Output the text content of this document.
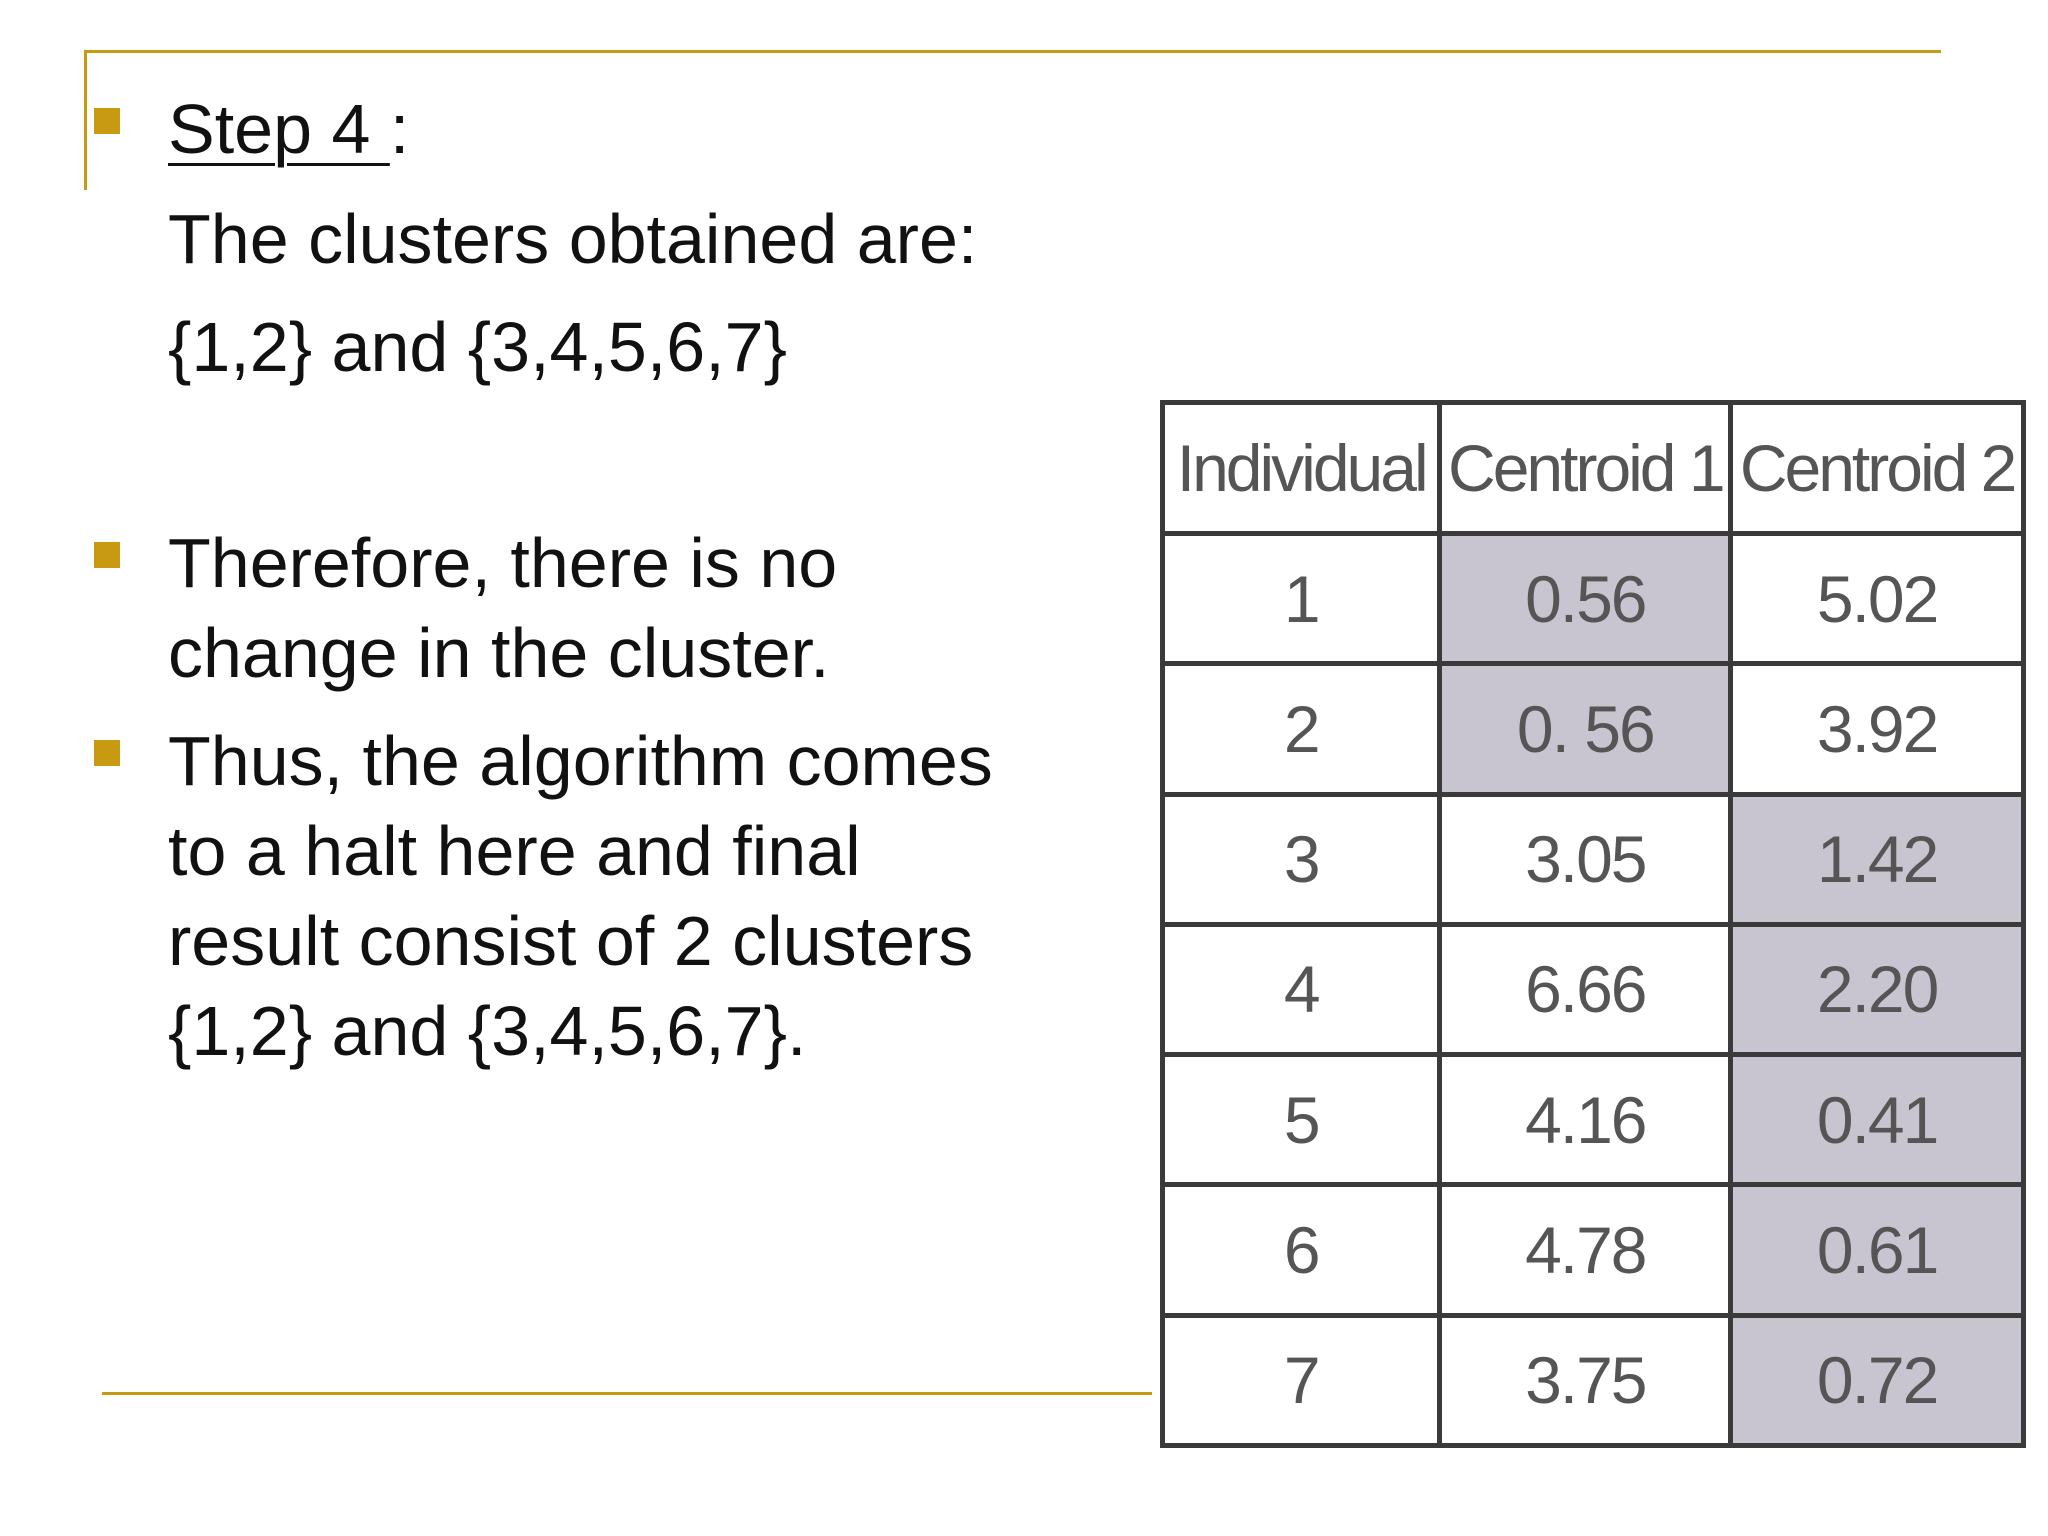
Step 4 :
The clusters obtained are:
{1,2} and {3,4,5,6,7}
Therefore, there is no
change in the cluster.
Thus, the algorithm comes
to a halt here and final
result consist of 2 clusters
{1,2} and {3,4,5,6,7}.
Individual	Centroid 1	Centroid 2
1	0.56	5.02
2	0. 56	3.92
3	3.05	1.42
4	6.66	2.20
5	4.16	0.41
6	4.78	0.61
7	3.75	0.72
